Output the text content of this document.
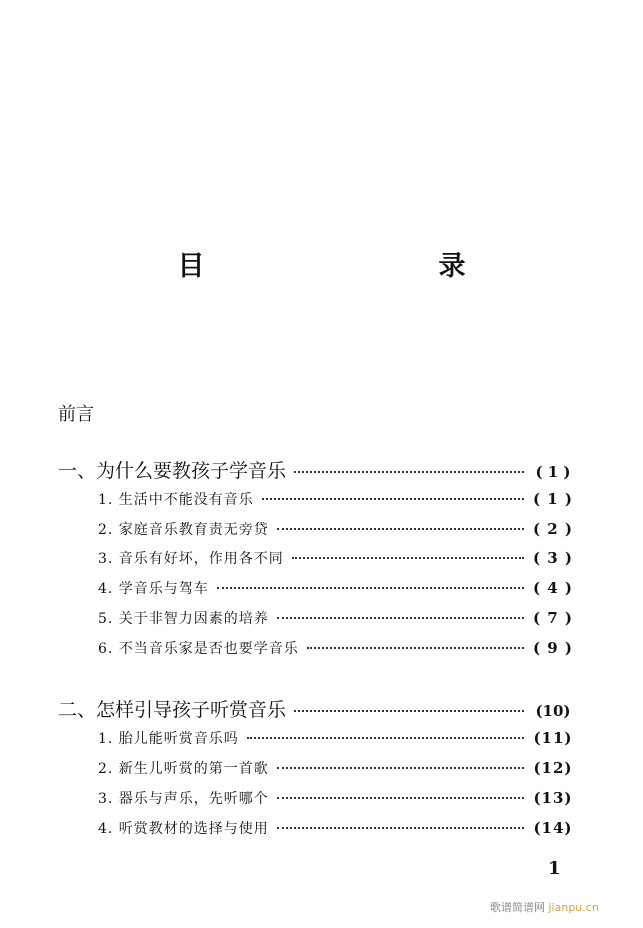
目　　录
前言
一、为什么要教孩子学音乐	( 1 )
1. 生活中不能没有音乐	( 1 )
2. 家庭音乐教育责无旁贷	( 2 )
3. 音乐有好坏，作用各不同	( 3 )
4. 学音乐与驾车	( 4 )
5. 关于非智力因素的培养	( 7 )
6. 不当音乐家是否也要学音乐	( 9 )
二、怎样引导孩子听赏音乐	(10)
1. 胎儿能听赏音乐吗	(11)
2. 新生儿听赏的第一首歌	(12)
3. 器乐与声乐，先听哪个	(13)
4. 听赏教材的选择与使用	(14)
1
歌谱简谱网 jianpu.cn
